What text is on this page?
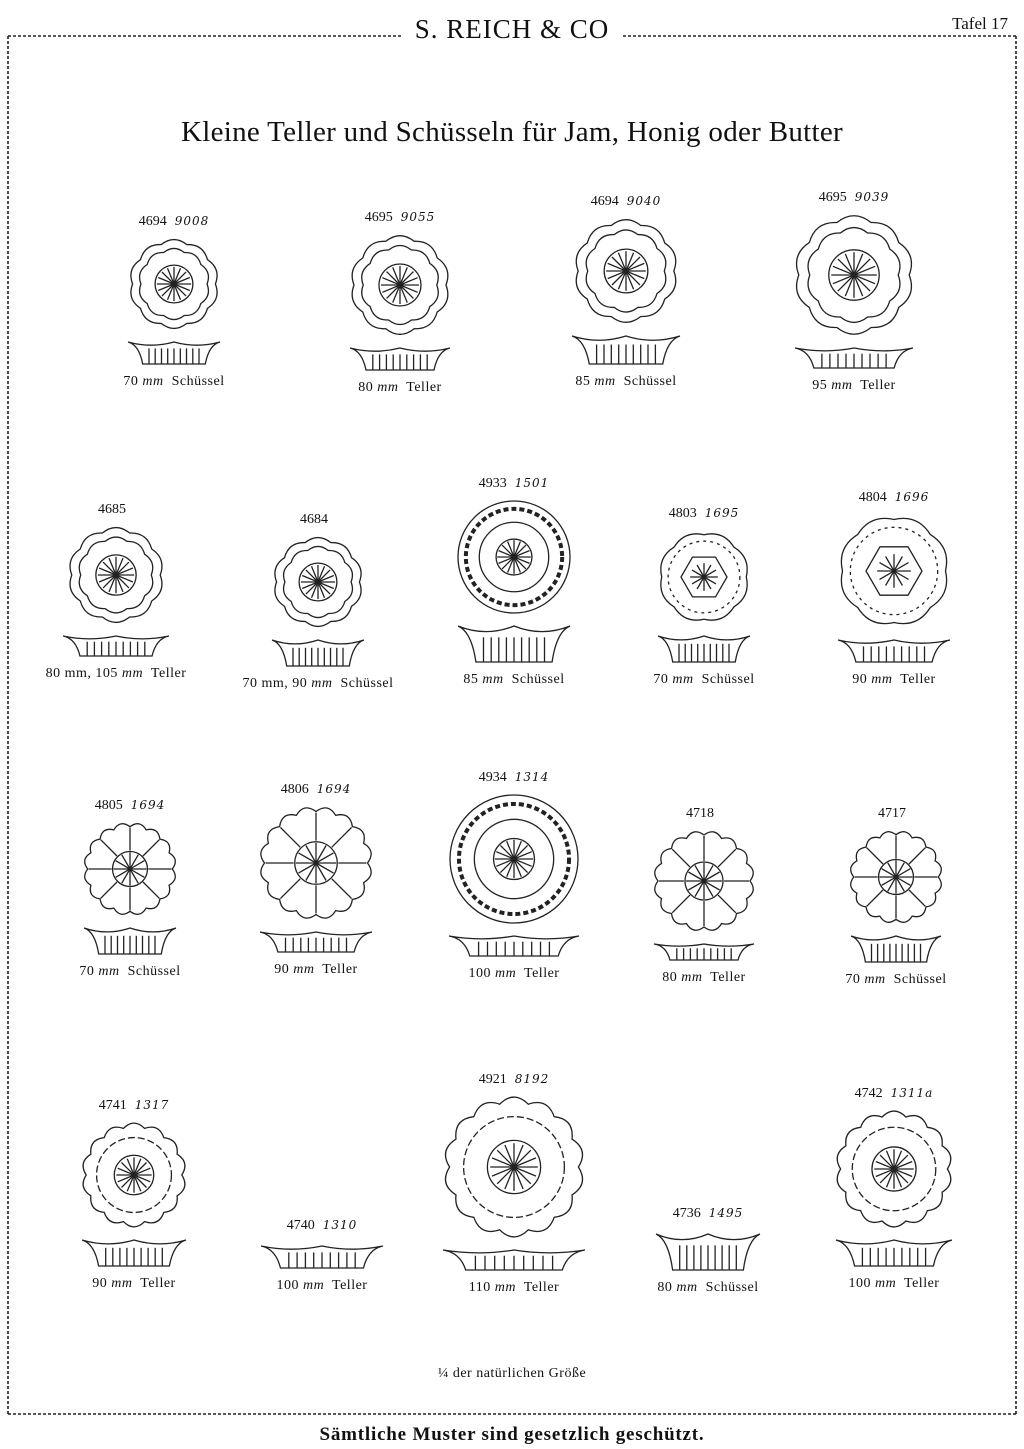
S. REICH & CO	Tafel 17
Kleine Teller und Schüsseln für Jam, Honig oder Butter
4694 9008
70 mm Schüssel
4695 9055
80 mm Teller
4694 9040
85 mm Schüssel
4695 9039
95 mm Teller
4685
80 mm, 105 mm Teller
4684
70 mm, 90 mm Schüssel
4933 1501
85 mm Schüssel
4803 1695
70 mm Schüssel
4804 1696
90 mm Teller
4805 1694
70 mm Schüssel
4806 1694
90 mm Teller
4934 1314
100 mm Teller
4718
80 mm Teller
4717
70 mm Schüssel
4741 1317
90 mm Teller
4740 1310
100 mm Teller
4921 8192
110 mm Teller
4736 1495
80 mm Schüssel
4742 1311a
100 mm Teller
¼ der natürlichen Größe
Sämtliche Muster sind gesetzlich geschützt.
